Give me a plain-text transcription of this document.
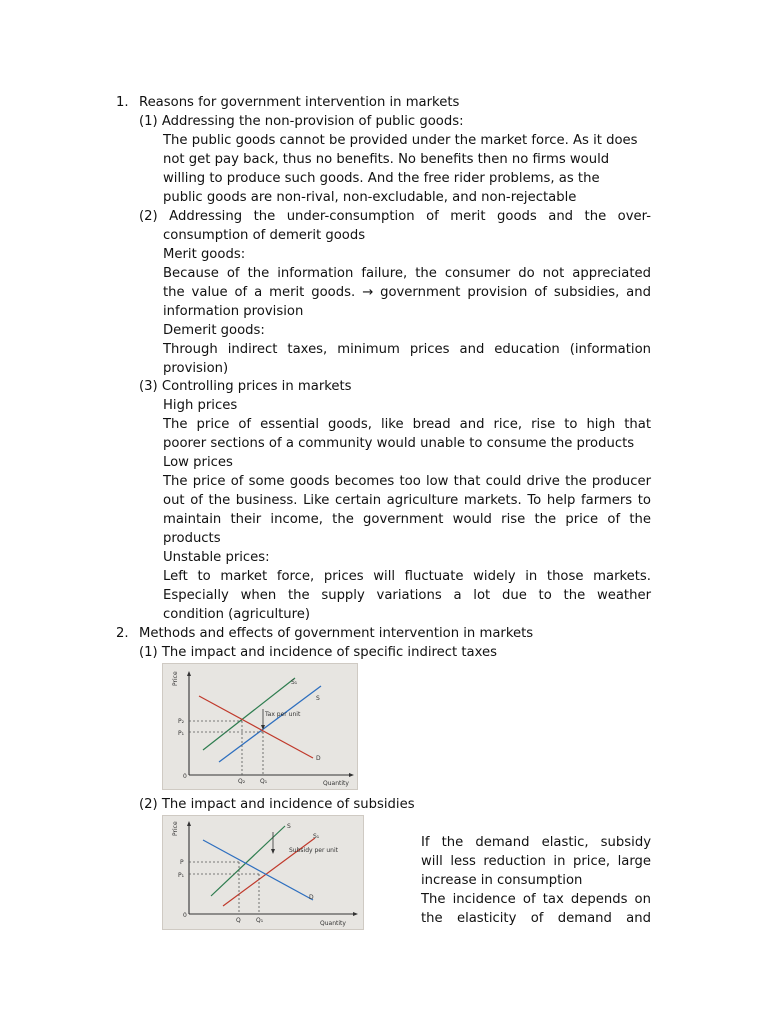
1. Reasons for government intervention in markets
(1) Addressing the non-provision of public goods:
The public goods cannot be provided under the market force. As it does
not get pay back, thus no benefits. No benefits then no firms would
willing to produce such goods. And the free rider problems, as the
public goods are non-rival, non-excludable, and non-rejectable
(2) Addressing the under-consumption of merit goods and the over-
consumption of demerit goods
Merit goods:
Because of the information failure, the consumer do not appreciated
the value of a merit goods. → government provision of subsidies, and
information provision
Demerit goods:
Through indirect taxes, minimum prices and education (information
provision)
(3) Controlling prices in markets
High prices
The price of essential goods, like bread and rice, rise to high that
poorer sections of a community would unable to consume the products
Low prices
The price of some goods becomes too low that could drive the producer
out of the business. Like certain agriculture markets. To help farmers to
maintain their income, the government would rise the price of the
products
Unstable prices:
Left to market force, prices will fluctuate widely in those markets.
Especially when the supply variations a lot due to the weather
condition (agriculture)
2. Methods and effects of government intervention in markets
(1) The impact and incidence of specific indirect taxes
Price
Quantity
0
S₁
S
D
Tax per unit
P₂
P₁
Q₂ Q₁
(2) The impact and incidence of subsidies
Price
Quantity
0
S
S₁
D
Subsidy per unit
P
P₁
Q	Q₁
If the demand elastic, subsidy
will less reduction in price, large
increase in consumption
The incidence of tax depends on
the elasticity of demand and
